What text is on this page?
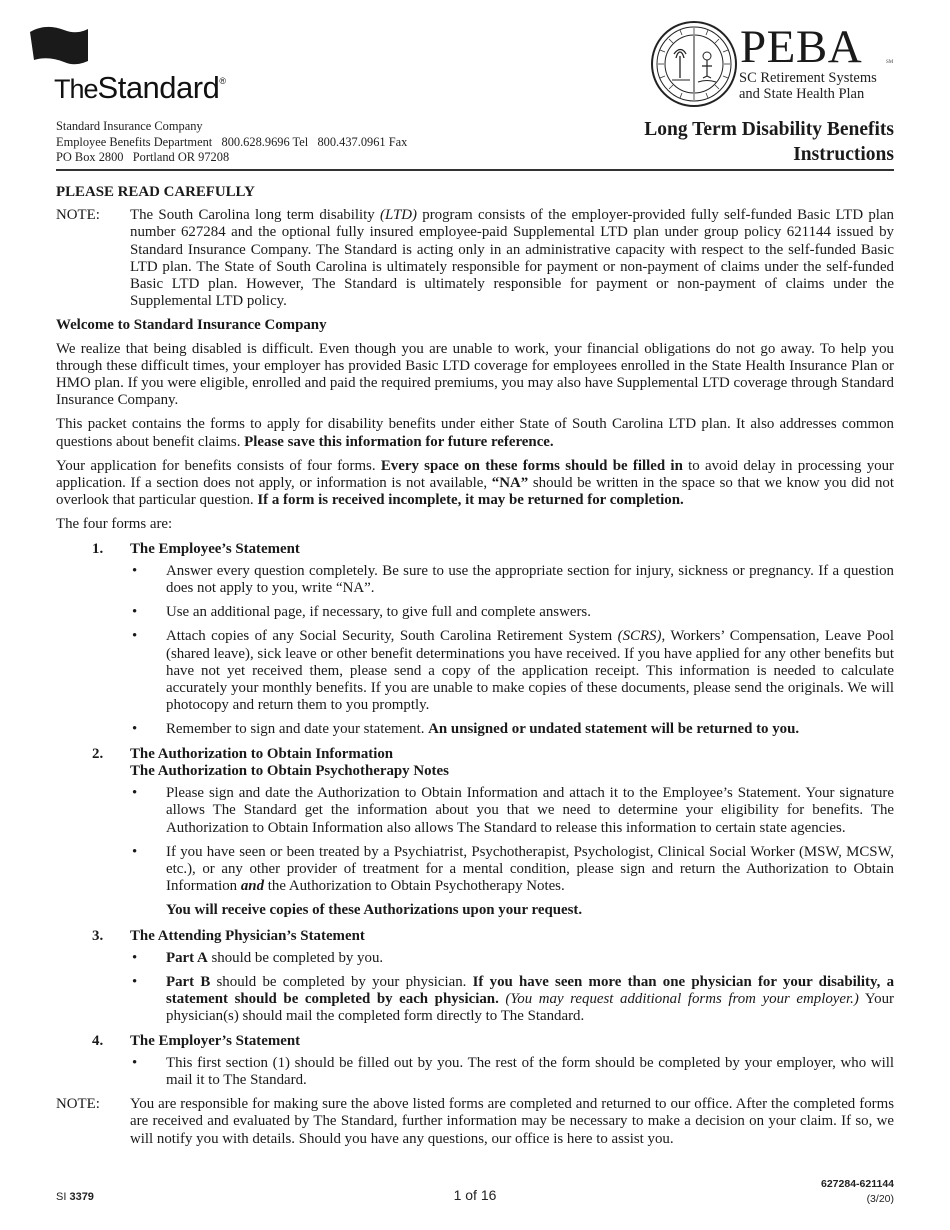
TheStandard®
Standard Insurance Company
Employee Benefits Department   800.628.9696 Tel   800.437.0961 Fax
PO Box 2800   Portland OR 97208
PEBA	SM
SC Retirement Systems
and State Health Plan
Long Term Disability Benefits
Instructions
PLEASE READ CAREFULLY
NOTE:	The South Carolina long term disability (LTD) program consists of the employer-provided fully self-funded Basic LTD plan number 627284 and the optional fully insured employee-paid Supplemental LTD plan under group policy 621144 issued by Standard Insurance Company. The Standard is acting only in an administrative capacity with respect to the self-funded Basic LTD plan. The State of South Carolina is ultimately responsible for payment or non-payment of claims under the self-funded Basic LTD plan. However, The Standard is ultimately responsible for payment or non-payment of claims under the Supplemental LTD policy.
Welcome to Standard Insurance Company

We realize that being disabled is difficult. Even though you are unable to work, your financial obligations do not go away. To help you through these difficult times, your employer has provided Basic LTD coverage for employees enrolled in the State Health Insurance Plan or HMO plan. If you were eligible, enrolled and paid the required premiums, you may also have Supplemental LTD coverage through Standard Insurance Company.

This packet contains the forms to apply for disability benefits under either State of South Carolina LTD plan. It also addresses common questions about benefit claims. Please save this information for future reference.

Your application for benefits consists of four forms. Every space on these forms should be filled in to avoid delay in processing your application. If a section does not apply, or information is not available, “NA” should be written in the space so that we know you did not overlook that particular question. If a form is received incomplete, it may be returned for completion.

The four forms are:

1.	The Employee’s Statement
•	Answer every question completely. Be sure to use the appropriate section for injury, sickness or pregnancy. If a question does not apply to you, write “NA”.
•	Use an additional page, if necessary, to give full and complete answers.
•	Attach copies of any Social Security, South Carolina Retirement System (SCRS), Workers’ Compensation, Leave Pool (shared leave), sick leave or other benefit determinations you have received. If you have applied for any other benefits but have not yet received them, please send a copy of the application receipt. This information is needed to calculate accurately your monthly benefits. If you are unable to make copies of these documents, please send the originals. We will photocopy and return them to you promptly.
•	Remember to sign and date your statement. An unsigned or undated statement will be returned to you.
2.	The Authorization to Obtain Information
The Authorization to Obtain Psychotherapy Notes
•	Please sign and date the Authorization to Obtain Information and attach it to the Employee’s Statement. Your signature allows The Standard get the information about you that we need to determine your eligibility for benefits. The Authorization to Obtain Information also allows The Standard to release this information to certain state agencies.
•	If you have seen or been treated by a Psychiatrist, Psychotherapist, Psychologist, Clinical Social Worker (MSW, MCSW, etc.), or any other provider of treatment for a mental condition, please sign and return the Authorization to Obtain Information and the Authorization to Obtain Psychotherapy Notes.
You will receive copies of these Authorizations upon your request.
3.	The Attending Physician’s Statement
•	Part A should be completed by you.
•	Part B should be completed by your physician. If you have seen more than one physician for your disability, a statement should be completed by each physician. (You may request additional forms from your employer.) Your physician(s) should mail the completed form directly to The Standard.
4.	The Employer’s Statement
•	This first section (1) should be filled out by you. The rest of the form should be completed by your employer, who will mail it to The Standard.
NOTE:	You are responsible for making sure the above listed forms are completed and returned to our office. After the completed forms are received and evaluated by The Standard, further information may be necessary to make a decision on your claim. If so, we will notify you with details. Should you have any questions, our office is here to assist you.
SI 3379	1 of 16
627284-621144
(3/20)
